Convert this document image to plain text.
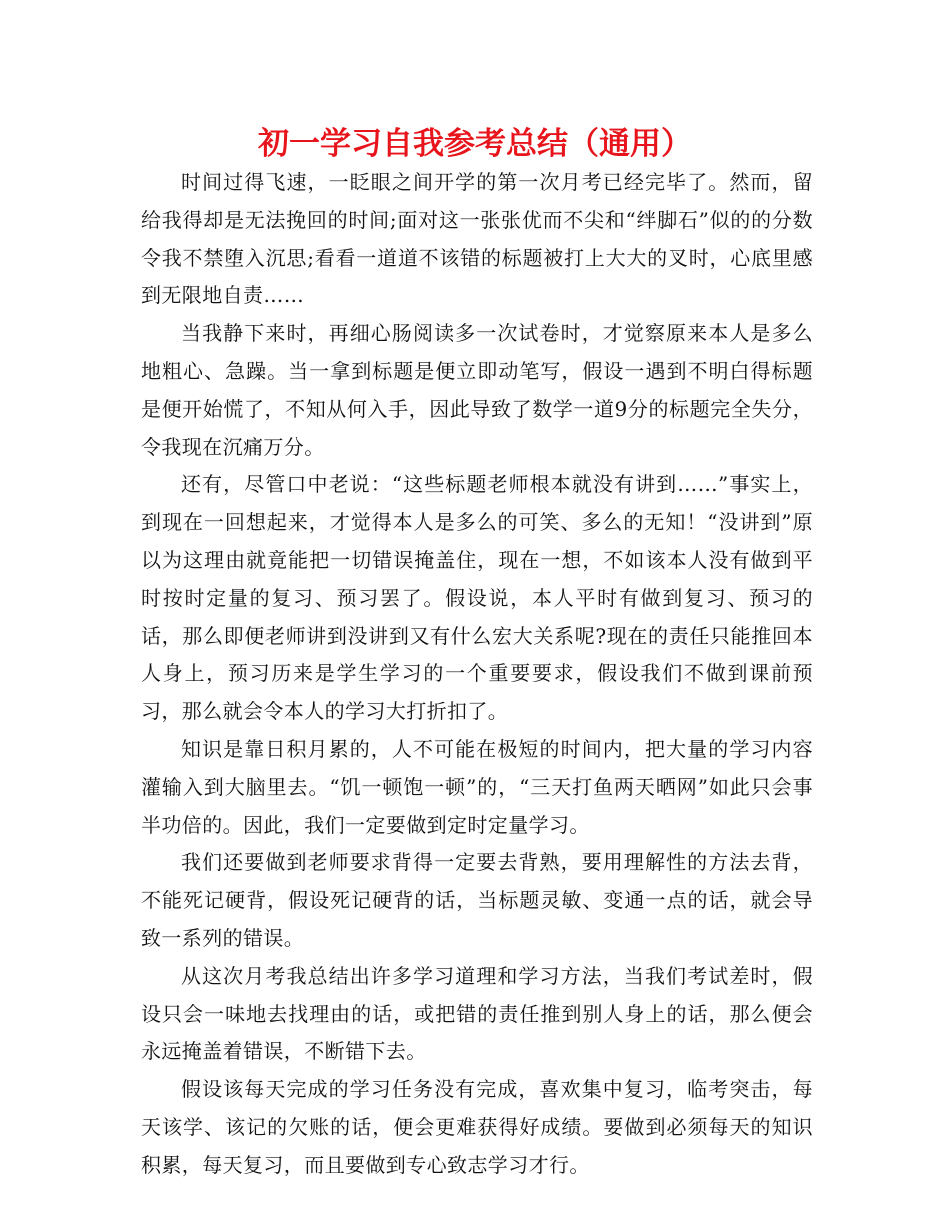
初一学习自我参考总结（通用）

时间过得飞速，一眨眼之间开学的第一次月考已经完毕了。然而，留给我得却是无法挽回的时间;面对这一张张优而不尖和“绊脚石”似的的分数令我不禁堕入沉思;看看一道道不该错的标题被打上大大的叉时，心底里感到无限地自责……

当我静下来时，再细心肠阅读多一次试卷时，才觉察原来本人是多么地粗心、急躁。当一拿到标题是便立即动笔写，假设一遇到不明白得标题是便开始慌了，不知从何入手，因此导致了数学一道9分的标题完全失分，令我现在沉痛万分。

还有，尽管口中老说：“这些标题老师根本就没有讲到……”事实上，到现在一回想起来，才觉得本人是多么的可笑、多么的无知！“没讲到”原以为这理由就竟能把一切错误掩盖住，现在一想，不如该本人没有做到平时按时定量的复习、预习罢了。假设说，本人平时有做到复习、预习的话，那么即便老师讲到没讲到又有什么宏大关系呢?现在的责任只能推回本人身上，预习历来是学生学习的一个重要要求，假设我们不做到课前预习，那么就会令本人的学习大打折扣了。

知识是靠日积月累的，人不可能在极短的时间内，把大量的学习内容灌输入到大脑里去。“饥一顿饱一顿”的，“三天打鱼两天晒网”如此只会事半功倍的。因此，我们一定要做到定时定量学习。

我们还要做到老师要求背得一定要去背熟，要用理解性的方法去背，不能死记硬背，假设死记硬背的话，当标题灵敏、变通一点的话，就会导致一系列的错误。

从这次月考我总结出许多学习道理和学习方法，当我们考试差时，假设只会一味地去找理由的话，或把错的责任推到别人身上的话，那么便会永远掩盖着错误，不断错下去。

假设该每天完成的学习任务没有完成，喜欢集中复习，临考突击，每天该学、该记的欠账的话，便会更难获得好成绩。要做到必须每天的知识积累，每天复习，而且要做到专心致志学习才行。
